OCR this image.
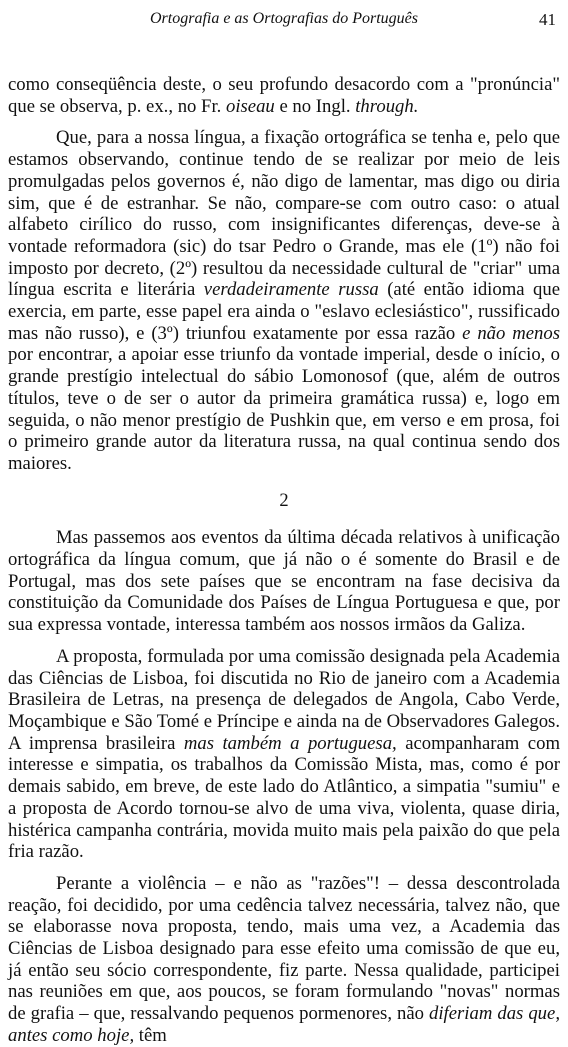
Ortografia e as Ortografias do Português	41

como conseqüência deste, o seu profundo desacordo com a "pronúncia" que se observa, p. ex., no Fr. oiseau e no Ingl. through.

Que, para a nossa língua, a fixação ortográfica se tenha e, pelo que estamos observando, continue tendo de se realizar por meio de leis promulgadas pelos governos é, não digo de lamentar, mas digo ou diria sim, que é de estranhar. Se não, compare-se com outro caso: o atual alfabeto cirílico do russo, com insignificantes diferenças, deve-se à vontade reformadora (sic) do tsar Pedro o Grande, mas ele (1º) não foi imposto por decreto, (2º) resultou da necessidade cultural de "criar" uma língua escrita e literária verdadeiramente russa (até então idioma que exercia, em parte, esse papel era ainda o "eslavo eclesiástico", russificado mas não russo), e (3º) triunfou exatamente por essa razão e não menos por encontrar, a apoiar esse triunfo da vontade imperial, desde o início, o grande prestígio intelectual do sábio Lomonosof (que, além de outros títulos, teve o de ser o autor da primeira gramática russa) e, logo em seguida, o não menor prestígio de Pushkin que, em verso e em prosa, foi o primeiro grande autor da literatura russa, na qual continua sendo dos maiores.

2

Mas passemos aos eventos da última década relativos à unificação ortográfica da língua comum, que já não o é somente do Brasil e de Portugal, mas dos sete países que se encontram na fase decisiva da constituição da Comunidade dos Países de Língua Portuguesa e que, por sua expressa vontade, interessa também aos nossos irmãos da Galiza.

A proposta, formulada por uma comissão designada pela Academia das Ciências de Lisboa, foi discutida no Rio de janeiro com a Academia Brasileira de Letras, na presença de delegados de Angola, Cabo Verde, Moçambique e São Tomé e Príncipe e ainda na de Observadores Galegos. A imprensa brasileira mas também a portuguesa, acompanharam com interesse e simpatia, os trabalhos da Comissão Mista, mas, como é por demais sabido, em breve, de este lado do Atlântico, a simpatia "sumiu" e a proposta de Acordo tornou-se alvo de uma viva, violenta, quase diria, histérica campanha contrária, movida muito mais pela paixão do que pela fria razão.

Perante a violência – e não as "razões"! – dessa descontrolada reação, foi decidido, por uma cedência talvez necessária, talvez não, que se elaborasse nova proposta, tendo, mais uma vez, a Academia das Ciências de Lisboa designado para esse efeito uma comissão de que eu, já então seu sócio correspondente, fiz parte. Nessa qualidade, participei nas reuniões em que, aos poucos, se foram formulando "novas" normas de grafia – que, ressalvando pequenos pormenores, não diferiam das que, antes como hoje, têm
